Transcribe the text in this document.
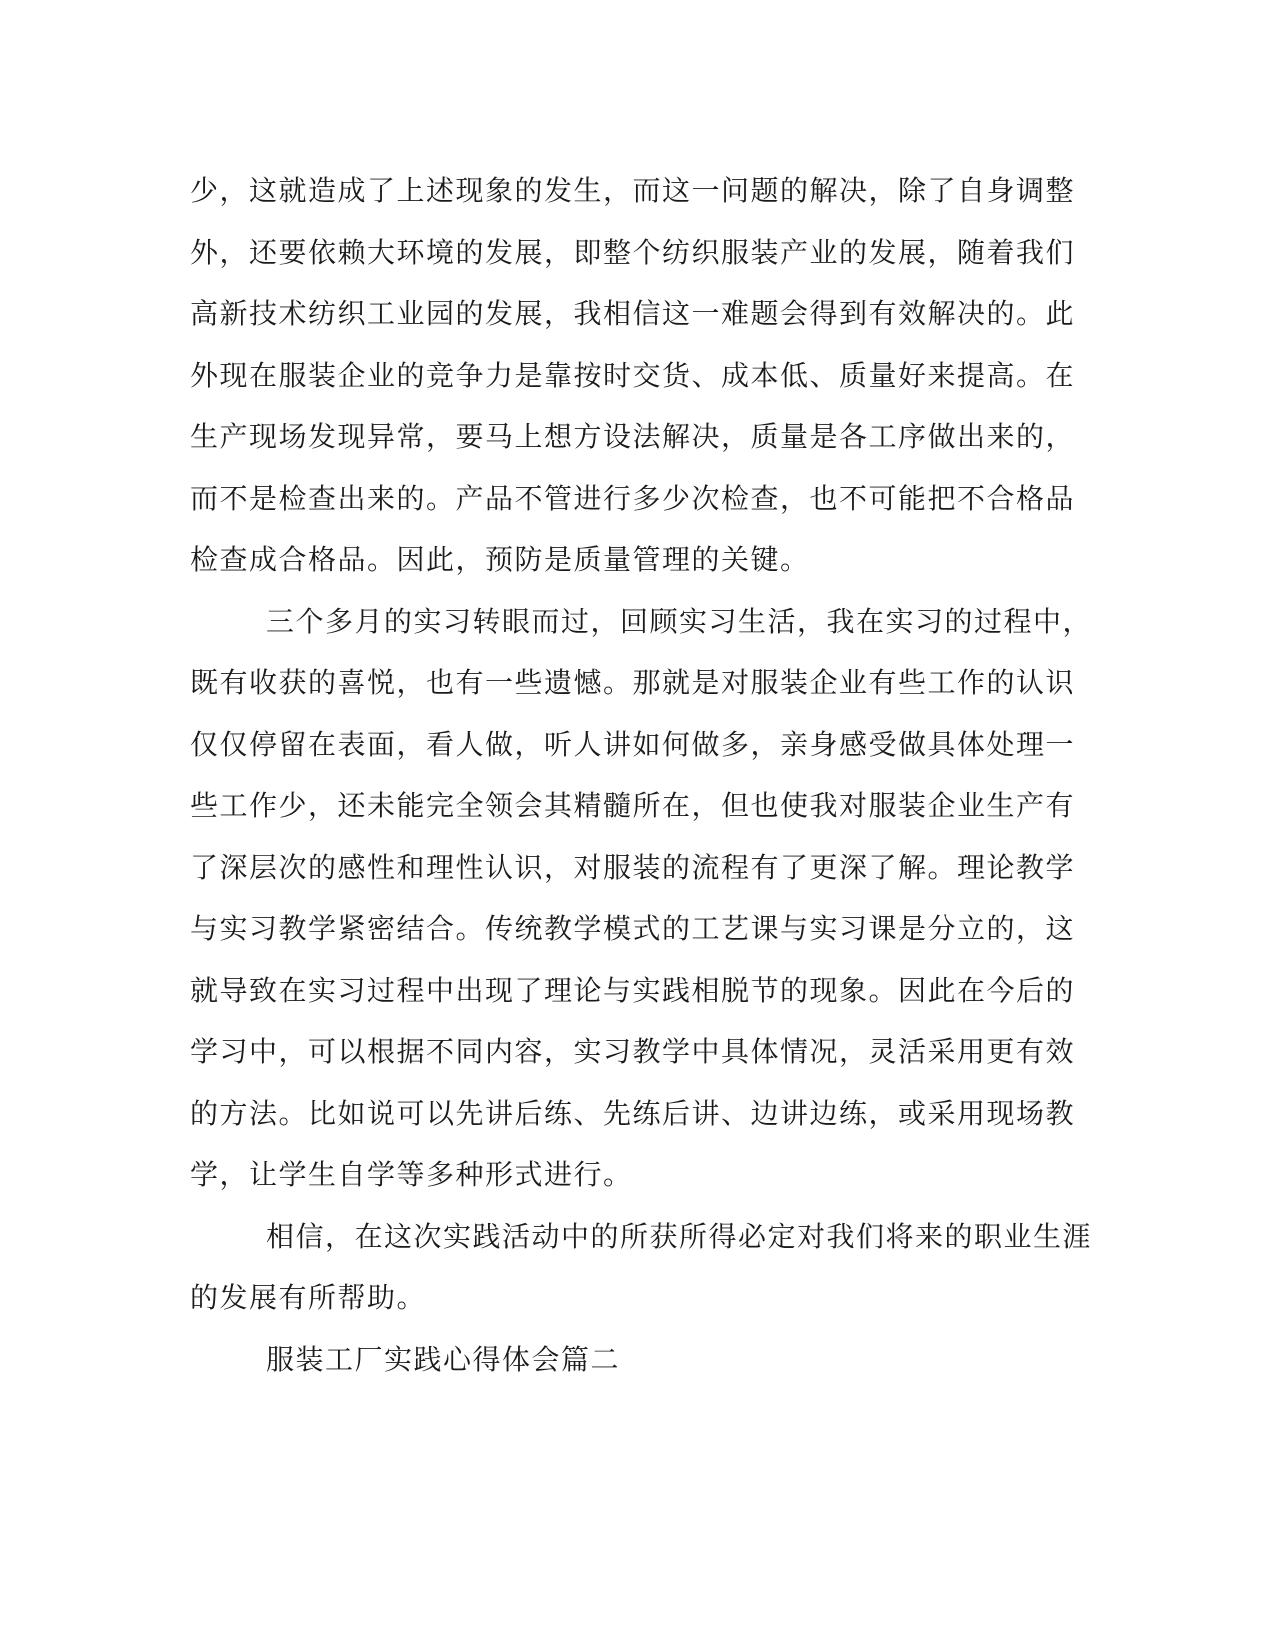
少，这就造成了上述现象的发生，而这一问题的解决，除了自身调整
外，还要依赖大环境的发展，即整个纺织服装产业的发展，随着我们
高新技术纺织工业园的发展，我相信这一难题会得到有效解决的。此
外现在服装企业的竞争力是靠按时交货、成本低、质量好来提高。在
生产现场发现异常，要马上想方设法解决，质量是各工序做出来的，
而不是检查出来的。产品不管进行多少次检查，也不可能把不合格品
检查成合格品。因此，预防是质量管理的关键。
三个多月的实习转眼而过，回顾实习生活，我在实习的过程中，
既有收获的喜悦，也有一些遗憾。那就是对服装企业有些工作的认识
仅仅停留在表面，看人做，听人讲如何做多，亲身感受做具体处理一
些工作少，还未能完全领会其精髓所在，但也使我对服装企业生产有
了深层次的感性和理性认识，对服装的流程有了更深了解。理论教学
与实习教学紧密结合。传统教学模式的工艺课与实习课是分立的，这
就导致在实习过程中出现了理论与实践相脱节的现象。因此在今后的
学习中，可以根据不同内容，实习教学中具体情况，灵活采用更有效
的方法。比如说可以先讲后练、先练后讲、边讲边练，或采用现场教
学，让学生自学等多种形式进行。
相信，在这次实践活动中的所获所得必定对我们将来的职业生涯
的发展有所帮助。
服装工厂实践心得体会篇二
